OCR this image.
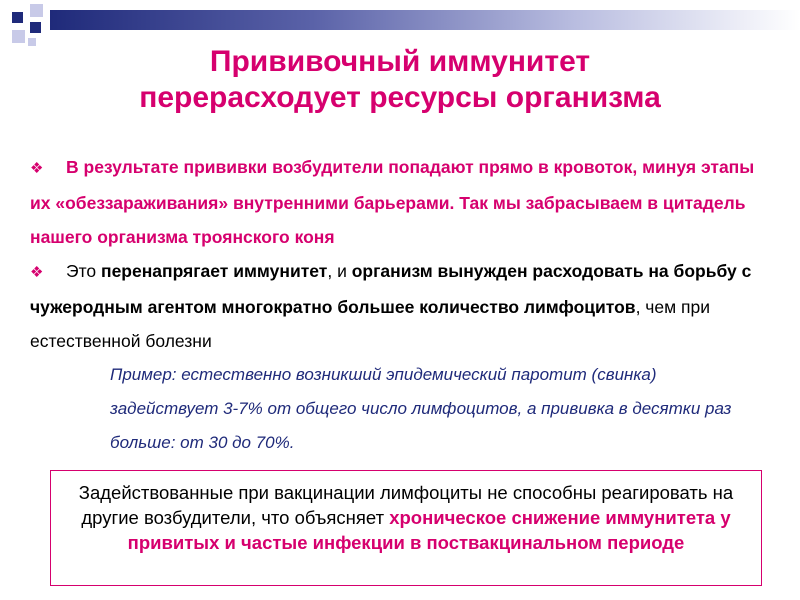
Прививочный иммунитет
перерасходует ресурсы организма

❖ В результате прививки возбудители попадают прямо в кровоток, минуя этапы их «обеззараживания» внутренними барьерами. Так мы забрасываем в цитадель нашего организма троянского коня

❖ Это перенапрягает иммунитет, и организм вынужден расходовать на борьбу с чужеродным агентом многократно большее количество лимфоцитов, чем при естественной болезни

Пример: естественно возникший эпидемический паротит (свинка) задействует 3-7% от общего число лимфоцитов, а прививка в десятки раз больше: от 30 до 70%.

Задействованные при вакцинации лимфоциты не способны реагировать на другие возбудители, что объясняет хроническое снижение иммунитета у привитых и частые инфекции в поствакцинальном периоде
